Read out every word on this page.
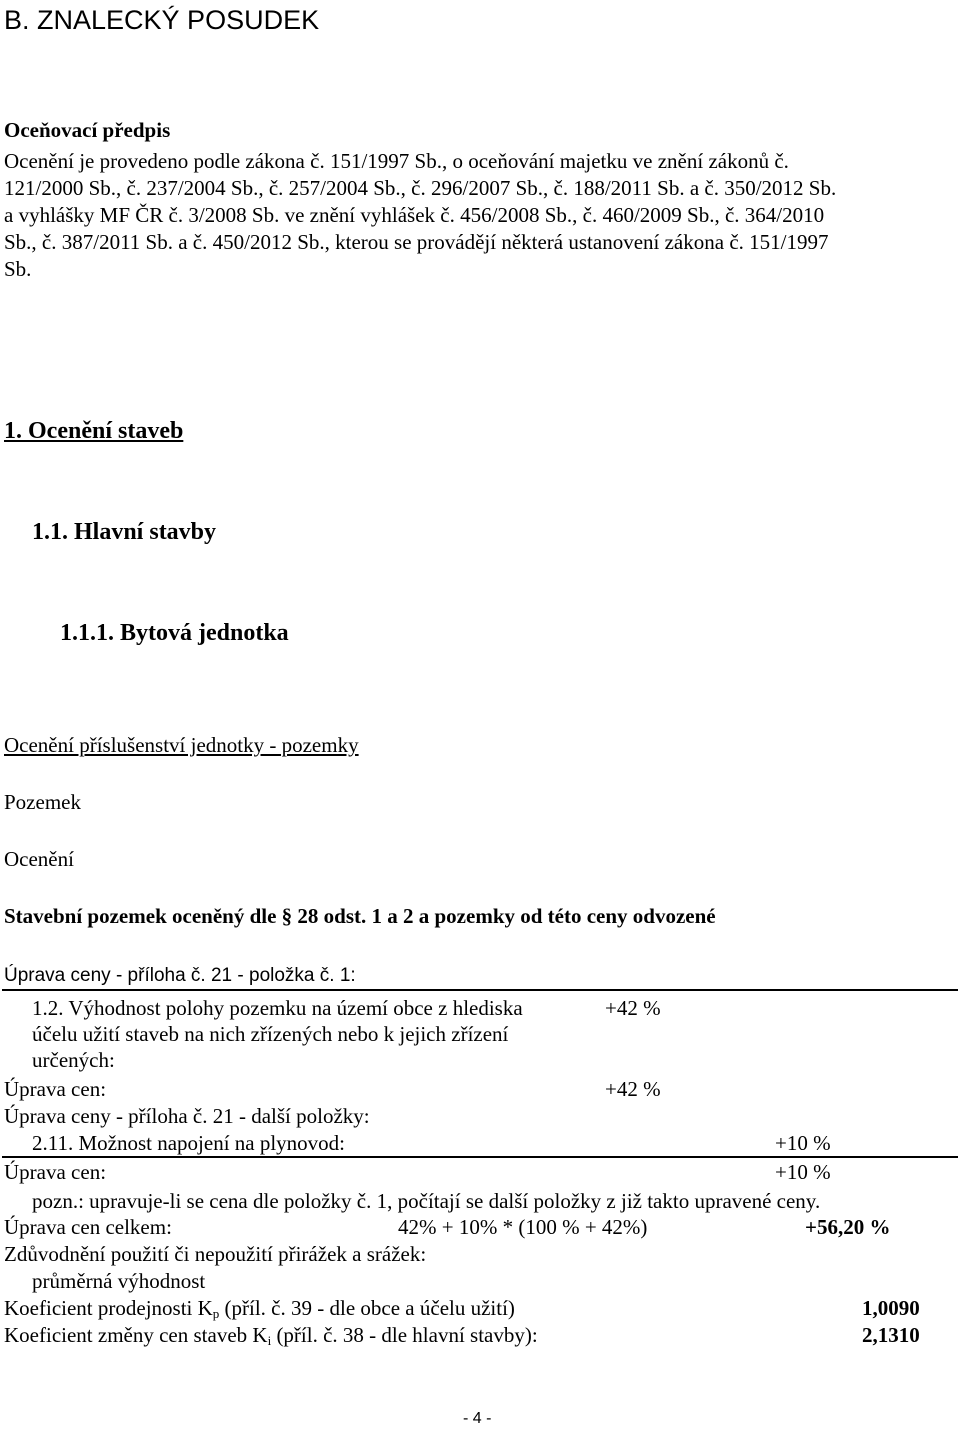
B. ZNALECKÝ POSUDEK
Oceňovací předpis
Ocenění je provedeno podle zákona č. 151/1997 Sb., o oceňování majetku ve znění zákonů č.
121/2000 Sb., č. 237/2004 Sb., č. 257/2004 Sb., č. 296/2007 Sb., č. 188/2011 Sb. a č. 350/2012 Sb.
a vyhlášky MF ČR č. 3/2008 Sb. ve znění vyhlášek č. 456/2008 Sb., č. 460/2009 Sb., č. 364/2010
Sb., č. 387/2011 Sb. a č. 450/2012 Sb., kterou se provádějí některá ustanovení zákona č. 151/1997
Sb.
1. Ocenění staveb
1.1. Hlavní stavby
1.1.1. Bytová jednotka
Ocenění příslušenství jednotky - pozemky
Pozemek
Ocenění
Stavební pozemek oceněný dle § 28 odst. 1 a 2 a pozemky od této ceny odvozené
Úprava ceny - příloha č. 21 - položka č. 1:
1.2. Výhodnost polohy pozemku na území obce z hlediska
účelu užití staveb na nich zřízených nebo k jejich zřízení
určených:
+42 %
Úprava cen:	+42 %
Úprava ceny - příloha č. 21 - další položky:
2.11. Možnost napojení na plynovod:	+10 %
Úprava cen:	+10 %
pozn.: upravuje-li se cena dle položky č. 1, počítají se další položky z již takto upravené ceny.
Úprava cen celkem:	42% + 10% * (100 % + 42%)	+56,20 %
Zdůvodnění použití či nepoužití přirážek a srážek:
průměrná výhodnost
Koeficient prodejnosti $K_p$ (příl. č. 39 - dle obce a účelu užití)	1,0090
Koeficient změny cen staveb $K_i$ (příl. č. 38 - dle hlavní stavby):	2,1310
- 4 -
